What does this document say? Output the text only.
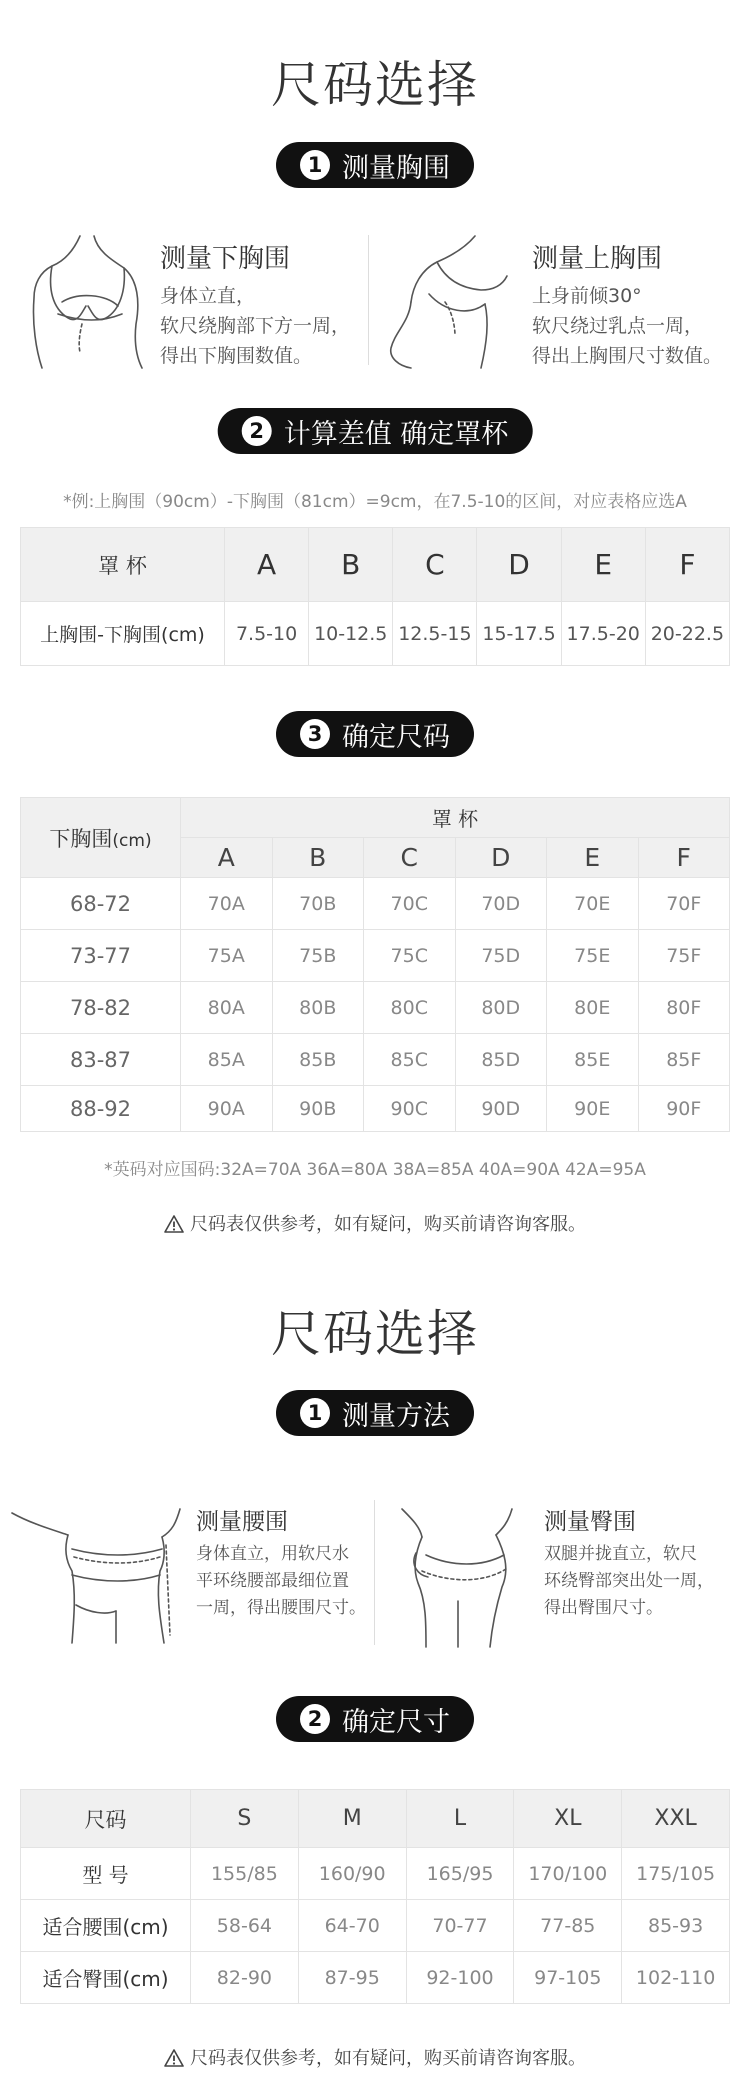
尺码选择
1 测量胸围
测量下胸围
身体立直，
软尺绕胸部下方一周，
得出下胸围数值。
测量上胸围
上身前倾30°
软尺绕过乳点一周，
得出上胸围尺寸数值。
2 计算差值 确定罩杯
*例:上胸围（90cm）-下胸围（81cm）=9cm，在7.5-10的区间，对应表格应选A
罩 杯	A	B	C	D	E	F
上胸围-下胸围(cm)	7.5-10	10-12.5	12.5-15	15-17.5	17.5-20	20-22.5
3 确定尺码
下胸围(cm)	罩 杯					
	A	B	C	D	E	F
68-72	70A	70B	70C	70D	70E	70F
73-77	75A	75B	75C	75D	75E	75F
78-82	80A	80B	80C	80D	80E	80F
83-87	85A	85B	85C	85D	85E	85F
88-92	90A	90B	90C	90D	90E	90F
*英码对应国码:32A=70A 36A=80A 38A=85A 40A=90A 42A=95A
尺码表仅供参考，如有疑问，购买前请咨询客服。
尺码选择
1 测量方法
测量腰围
身体直立，用软尺水
平环绕腰部最细位置
一周，得出腰围尺寸。
测量臀围
双腿并拢直立，软尺
环绕臀部突出处一周，
得出臀围尺寸。
2 确定尺寸
尺码	S	M	L	XL	XXL
型 号	155/85	160/90	165/95	170/100	175/105
适合腰围(cm)	58-64	64-70	70-77	77-85	85-93
适合臀围(cm)	82-90	87-95	92-100	97-105	102-110
尺码表仅供参考，如有疑问，购买前请咨询客服。
